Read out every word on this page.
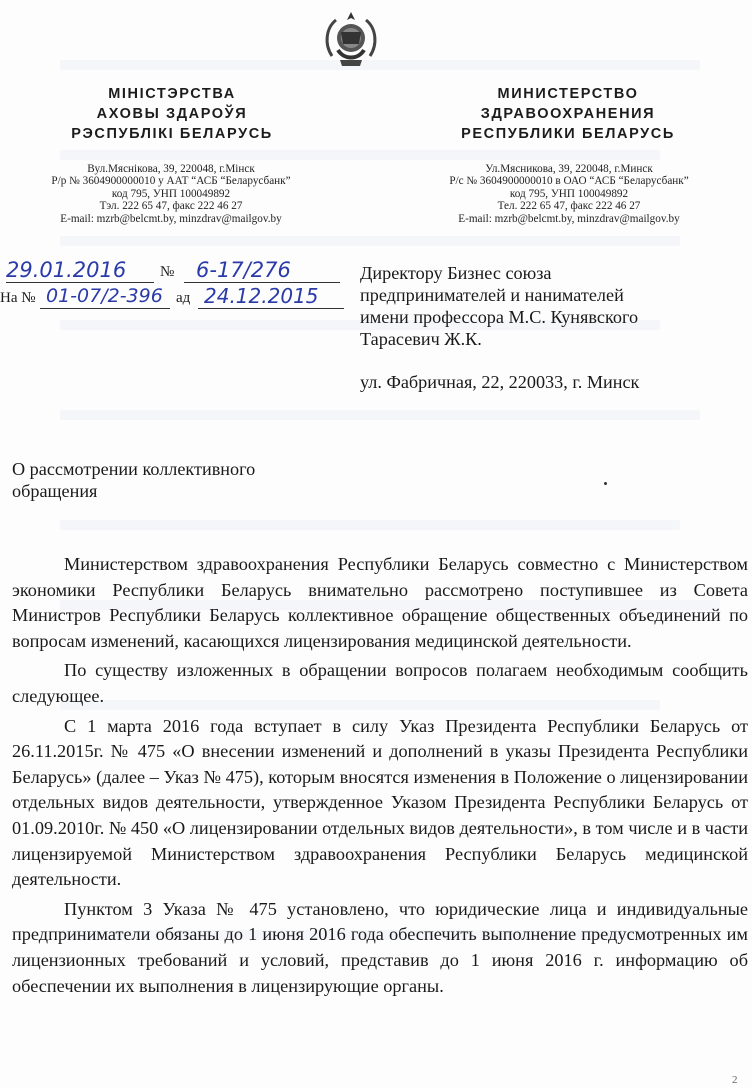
МІНІСТЭРСТВА
АХОВЫ ЗДАРОЎЯ
РЭСПУБЛІКІ БЕЛАРУСЬ
Вул.Мяснікова, 39, 220048, г.Мінск
Р/р № 3604900000010 у ААТ “АСБ “Беларусбанк”
код 795, УНП 100049892
Тэл. 222 65 47, факс 222 46 27
E-mail: mzrb@belcmt.by, minzdrav@mailgov.by
МИНИСТЕРСТВО
ЗДРАВООХРАНЕНИЯ
РЕСПУБЛИКИ БЕЛАРУСЬ
Ул.Мясникова, 39, 220048, г.Минск
Р/с № 3604900000010 в ОАО “АСБ “Беларусбанк”
код 795, УНП 100049892
Тел. 222 65 47, факс 222 46 27
E-mail: mzrb@belcmt.by, minzdrav@mailgov.by
29.01.2016 № 6-17/276
На № 01-07/2-396 ад 24.12.2015
Директору Бизнес союза
предпринимателей и нанимателей
имени профессора М.С. Кунявского
Тарасевич Ж.К.
ул. Фабричная, 22, 220033, г. Минск
О рассмотрении коллективного
обращения

Министерством здравоохранения Республики Беларусь совместно с Министерством экономики Республики Беларусь внимательно рассмотрено поступившее из Совета Министров Республики Беларусь коллективное обращение общественных объединений по вопросам изменений, касающихся лицензирования медицинской деятельности.

По существу изложенных в обращении вопросов полагаем необходимым сообщить следующее.

С 1 марта 2016 года вступает в силу Указ Президента Республики Беларусь от 26.11.2015г. № 475 «О внесении изменений и дополнений в указы Президента Республики Беларусь» (далее – Указ № 475), которым вносятся изменения в Положение о лицензировании отдельных видов деятельности, утвержденное Указом Президента Республики Беларусь от 01.09.2010г. № 450 «О лицензировании отдельных видов деятельности», в том числе и в части лицензируемой Министерством здравоохранения Республики Беларусь медицинской деятельности.

Пунктом 3 Указа № 475 установлено, что юридические лица и индивидуальные предприниматели обязаны до 1 июня 2016 года обеспечить выполнение предусмотренных им лицензионных требований и условий, представив до 1 июня 2016 г. информацию об обеспечении их выполнения в лицензирующие органы.

2
